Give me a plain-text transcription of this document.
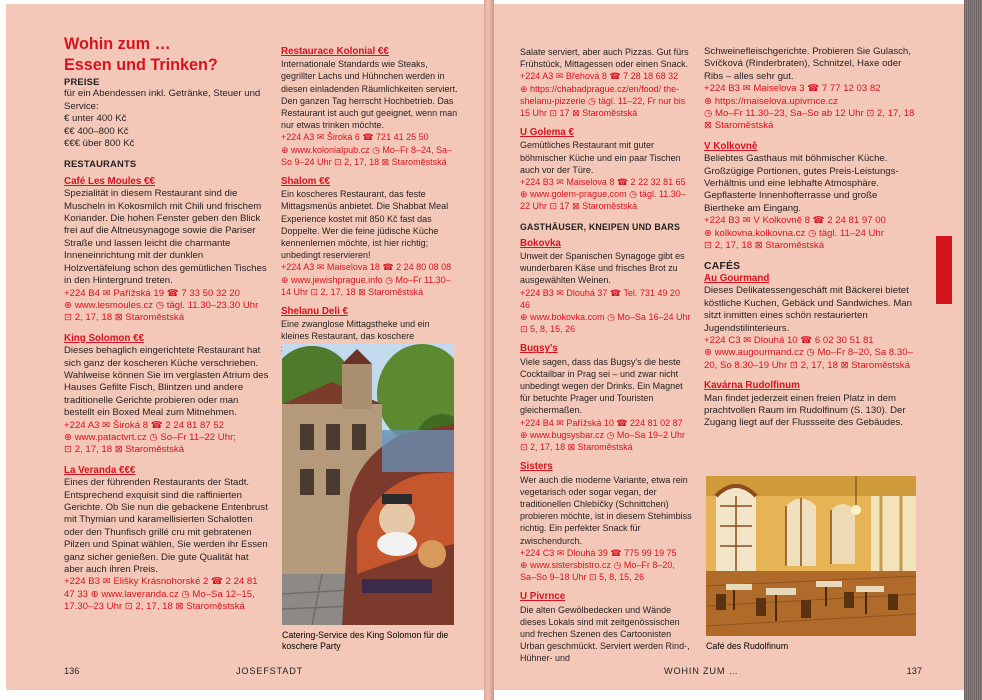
Wohin zum …
Essen und Trinken?

PREISE

für ein Abendessen inkl. Getränke, Steuer und Service:

€ unter 400 Kč

€€ 400–800 Kč

€€€ über 800 Kč

RESTAURANTS

Café Les Moules €€

Spezialität in diesem Restaurant sind die Muscheln in Kokosmilch mit Chili und frischem Koriander. Die hohen Fenster geben den Blick frei auf die Altneusynagoge sowie die Pariser Straße und lassen leicht die charmante Inneneinrichtung mit der dunklen Holzvertäfelung schon des gemütlichen Tisches in den Hintergrund treten.

+224 B4 ✉ Pařížská 19 ☎ 7 33 50 32 20

⊕ www.lesmoules.cz ◷ tägl. 11.30–23.30 Uhr

⊡ 2, 17, 18 ⊠ Staroměstská

King Solomon €€

Dieses behaglich eingerichtete Restaurant hat sich ganz der koscheren Küche verschrieben. Wahlweise können Sie im verglasten Atrium des Hauses Gefilte Fisch, Blintzen und andere traditionelle Gerichte probieren oder man bestellt ein Boxed Meal zum Mitnehmen.

+224 A3 ✉ Široká 8 ☎ 2 24 81 87 52

⊕ www.patactvrt.cz ◷ So–Fr 11–22 Uhr;

⊡ 2, 17, 18 ⊠ Staroměstská

La Veranda €€€

Eines der führenden Restaurants der Stadt. Entsprechend exquisit sind die raffinierten Gerichte. Ob Sie nun die gebackene Entenbrust mit Thymian und karamellisierten Schalotten oder den Thunfisch grillé cru mit gebratenen Pilzen und Spinat wählen, Sie werden ihr Essen ganz sicher genießen. Die gute Qualität hat aber auch ihren Preis.

+224 B3 ✉ Elišky Krásnohorské 2 ☎ 2 24 81 47 33 ⊕ www.laveranda.cz ◷ Mo–Sa 12–15, 17.30–23 Uhr ⊡ 2, 17, 18 ⊠ Staroměstská

Restaurace Kolonial €€

Internationale Standards wie Steaks, gegrillter Lachs und Hühnchen werden in diesen einladenden Räumlichkeiten serviert. Den ganzen Tag herrscht Hochbetrieb. Das Restaurant ist auch gut geeignet, wenn man nur etwas trinken möchte.

+224 A3 ✉ Široká 6 ☎ 721 41 25 50

⊕ www.kolonialpub.cz ◷ Mo–Fr 8–24, Sa–So 9–24 Uhr ⊡ 2, 17, 18 ⊠ Staroměstská

Shalom €€

Ein koscheres Restaurant, das feste Mittagsmenüs anbietet. Die Shabbat Meal Experience kostet mit 850 Kč fast das Doppelte. Wer die feine jüdische Küche kennenlernen möchte, ist hier richtig; unbedingt reservieren!

+224 A3 ✉ Maiselova 18 ☎ 2 24 80 08 08

⊕ www.jewishprague.info ◷ Mo–Fr 11.30–14 Uhr ⊡ 2, 17, 18 ⊠ Staroměstská

Shelanu Deli €

Eine zwanglose Mittagstheke und ein kleines Restaurant, das koschere

Catering-Service des King Solomon für die koschere Party

136	JOSEFSTADT

Salate serviert, aber auch Pizzas. Gut fürs Frühstück, Mittagessen oder einen Snack.

+224 A3 ✉ Břehová 8 ☎ 7 28 18 68 32

⊕ https://chabadprague.cz/en/food/ the-shelanu-pizzerie ◷ tägl. 11–22, Fr nur bis 15 Uhr ⊡ 17 ⊠ Staroměstská

U Golema €

Gemütliches Restaurant mit guter böhmischer Küche und ein paar Tischen auch vor der Türe.

+224 B3 ✉ Maiselova 8 ☎ 2 22 32 81 65

⊕ www.golem-prague.com ◷ tägl. 11.30–22 Uhr ⊡ 17 ⊠ Staroměstská

GASTHÄUSER, KNEIPEN UND BARS

Bokovka

Unweit der Spanischen Synagoge gibt es wunderbaren Käse und frisches Brot zu ausgewählten Weinen.

+224 B3 ✉ Dlouhá 37 ☎ Tel. 731 49 20 46

⊕ www.bokovka.com ◷ Mo–Sa 16–24 Uhr

⊡ 5, 8, 15, 26

Bugsy's

Viele sagen, dass das Bugsy's die beste Cocktailbar in Prag sei – und zwar nicht unbedingt wegen der Drinks. Ein Magnet für betuchte Prager und Touristen gleichermaßen.

+224 B4 ✉ Pařížská 10 ☎ 224 81 02 87

⊕ www.bugsysbar.cz ◷ Mo–Sa 19–2 Uhr

⊡ 2, 17, 18 ⊠ Staroměstská

Sisters

Wer auch die moderne Variante, etwa rein vegetarisch oder sogar vegan, der traditionellen Chlebíčky (Schnittchen) probieren möchte, ist in diesem Stehimbiss richtig. Ein perfekter Snack für zwischendurch.

+224 C3 ✉ Dlouhá 39 ☎ 775 99 19 75

⊕ www.sistersbistro.cz ◷ Mo–Fr 8–20, Sa–So 9–18 Uhr ⊡ 5, 8, 15, 26

U Pivrnce

Die alten Gewölbedecken und Wände dieses Lokals sind mit zeitgenössischen und frechen Szenen des Cartoonisten Urban geschmückt. Serviert werden Rind-, Hühner- und

Schweinefleischgerichte. Probieren Sie Gulasch, Svíčková (Rinderbraten), Schnitzel, Haxe oder Ribs – alles sehr gut.

+224 B3 ✉ Maiselova 3 ☎ 7 77 12 03 82

⊕ https://maiselova.upivrnce.cz

◷ Mo–Fr 11.30–23, Sa–So ab 12 Uhr ⊡ 2, 17, 18 ⊠ Staroměstská

V Kolkovně

Beliebtes Gasthaus mit böhmischer Küche. Großzügige Portionen, gutes Preis-Leistungs-Verhältnis und eine lebhafte Atmosphäre. Gepflasterte Innenhofterrasse und große Biertheke am Eingang.

+224 B3 ✉ V Kolkovně 8 ☎ 2 24 81 97 00

⊕ kolkovna.kolkovna.cz ◷ tägl. 11–24 Uhr

⊡ 2, 17, 18 ⊠ Staroměstská

CAFÉS

Au Gourmand

Dieses Delikatessengeschäft mit Bäckerei bietet köstliche Kuchen, Gebäck und Sandwiches. Man sitzt inmitten eines schön restaurierten Jugendstilinterieurs.

+224 C3 ✉ Dlouhá 10 ☎ 6 02 30 51 81

⊕ www.augourmand.cz ◷ Mo–Fr 8–20, Sa 8.30–20, So 8.30–19 Uhr ⊡ 2, 17, 18 ⊠ Staroměstská

Kavárna Rudolfinum

Man findet jederzeit einen freien Platz in dem prachtvollen Raum im Rudolfinum (S. 130). Der Zugang liegt auf der Flussseite des Gebäudes.

Café des Rudolfinum

WOHIN ZUM …	137
